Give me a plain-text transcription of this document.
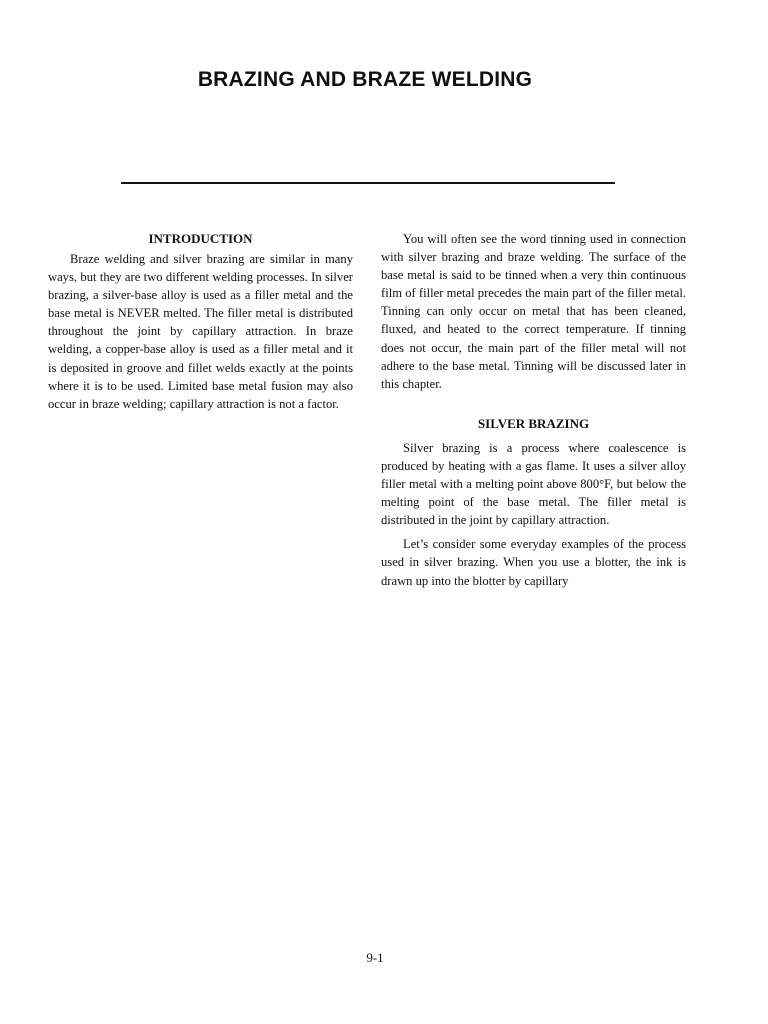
BRAZING AND BRAZE WELDING
INTRODUCTION

Braze welding and silver brazing are similar in many ways, but they are two different welding processes. In silver brazing, a silver-base alloy is used as a filler metal and the base metal is NEVER melted. The filler metal is distributed throughout the joint by capillary attraction. In braze welding, a copper-base alloy is used as a filler metal and it is deposited in groove and fillet welds exactly at the points where it is to be used. Limited base metal fusion may also occur in braze welding; capillary attraction is not a factor.

You will often see the word tinning used in connection with silver brazing and braze welding. The surface of the base metal is said to be tinned when a very thin continuous film of filler metal precedes the main part of the filler metal. Tinning can only occur on metal that has been cleaned, fluxed, and heated to the correct temperature. If tinning does not occur, the main part of the filler metal will not adhere to the base metal. Tinning will be discussed later in this chapter.

SILVER BRAZING

Silver brazing is a process where coalescence is produced by heating with a gas flame. It uses a silver alloy filler metal with a melting point above 800°F, but below the melting point of the base metal. The filler metal is distributed in the joint by capillary attraction.

Let’s consider some everyday examples of the process used in silver brazing. When you use a blotter, the ink is drawn up into the blotter by capillary

9-1
